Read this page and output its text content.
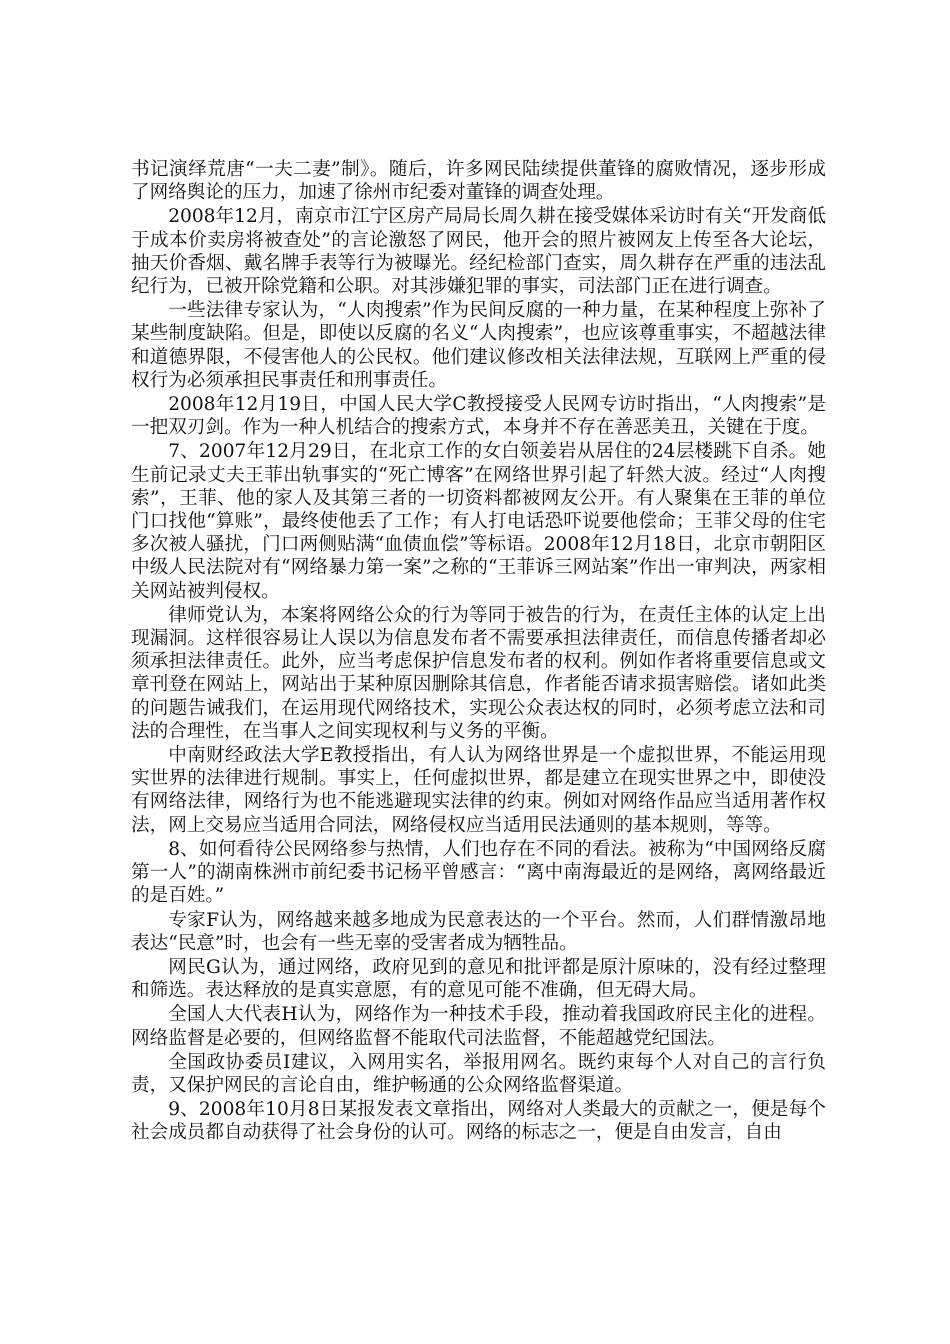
书记演绎荒唐“一夫二妻”制》。随后，许多网民陆续提供董锋的腐败情况，逐步形成了网络舆论的压力，加速了徐州市纪委对董锋的调查处理。

2008年12月，南京市江宁区房产局局长周久耕在接受媒体采访时有关“开发商低于成本价卖房将被查处”的言论激怒了网民，他开会的照片被网友上传至各大论坛，抽天价香烟、戴名牌手表等行为被曝光。经纪检部门查实，周久耕存在严重的违法乱纪行为，已被开除党籍和公职。对其涉嫌犯罪的事实，司法部门正在进行调查。

一些法律专家认为，“人肉搜索”作为民间反腐的一种力量，在某种程度上弥补了某些制度缺陷。但是，即使以反腐的名义“人肉搜索”，也应该尊重事实，不超越法律和道德界限，不侵害他人的公民权。他们建议修改相关法律法规，互联网上严重的侵权行为必须承担民事责任和刑事责任。

2008年12月19日，中国人民大学C教授接受人民网专访时指出，“人肉搜索”是一把双刃剑。作为一种人机结合的搜索方式，本身并不存在善恶美丑，关键在于度。

7、2007年12月29日，在北京工作的女白领姜岩从居住的24层楼跳下自杀。她生前记录丈夫王菲出轨事实的“死亡博客”在网络世界引起了轩然大波。经过“人肉搜索”，王菲、他的家人及其第三者的一切资料都被网友公开。有人聚集在王菲的单位门口找他“算账”，最终使他丢了工作；有人打电话恐吓说要他偿命；王菲父母的住宅多次被人骚扰，门口两侧贴满“血债血偿”等标语。2008年12月18日，北京市朝阳区中级人民法院对有“网络暴力第一案”之称的“王菲诉三网站案”作出一审判决，两家相关网站被判侵权。

律师党认为，本案将网络公众的行为等同于被告的行为，在责任主体的认定上出现漏洞。这样很容易让人误以为信息发布者不需要承担法律责任，而信息传播者却必须承担法律责任。此外，应当考虑保护信息发布者的权利。例如作者将重要信息或文章刊登在网站上，网站出于某种原因删除其信息，作者能否请求损害赔偿。诸如此类的问题告诫我们，在运用现代网络技术，实现公众表达权的同时，必须考虑立法和司法的合理性，在当事人之间实现权利与义务的平衡。

中南财经政法大学E教授指出，有人认为网络世界是一个虚拟世界，不能运用现实世界的法律进行规制。事实上，任何虚拟世界，都是建立在现实世界之中，即使没有网络法律，网络行为也不能逃避现实法律的约束。例如对网络作品应当适用著作权法，网上交易应当适用合同法，网络侵权应当适用民法通则的基本规则，等等。

8、如何看待公民网络参与热情，人们也存在不同的看法。被称为“中国网络反腐第一人”的湖南株洲市前纪委书记杨平曾感言：“离中南海最近的是网络，离网络最近的是百姓。”

专家F认为，网络越来越多地成为民意表达的一个平台。然而，人们群情激昂地表达“民意”时，也会有一些无辜的受害者成为牺牲品。

网民G认为，通过网络，政府见到的意见和批评都是原汁原味的，没有经过整理和筛选。表达释放的是真实意愿，有的意见可能不准确，但无碍大局。

全国人大代表H认为，网络作为一种技术手段，推动着我国政府民主化的进程。网络监督是必要的，但网络监督不能取代司法监督，不能超越党纪国法。

全国政协委员I建议，入网用实名，举报用网名。既约束每个人对自己的言行负责，又保护网民的言论自由，维护畅通的公众网络监督渠道。

9、2008年10月8日某报发表文章指出，网络对人类最大的贡献之一，便是每个社会成员都自动获得了社会身份的认可。网络的标志之一，便是自由发言，自由
